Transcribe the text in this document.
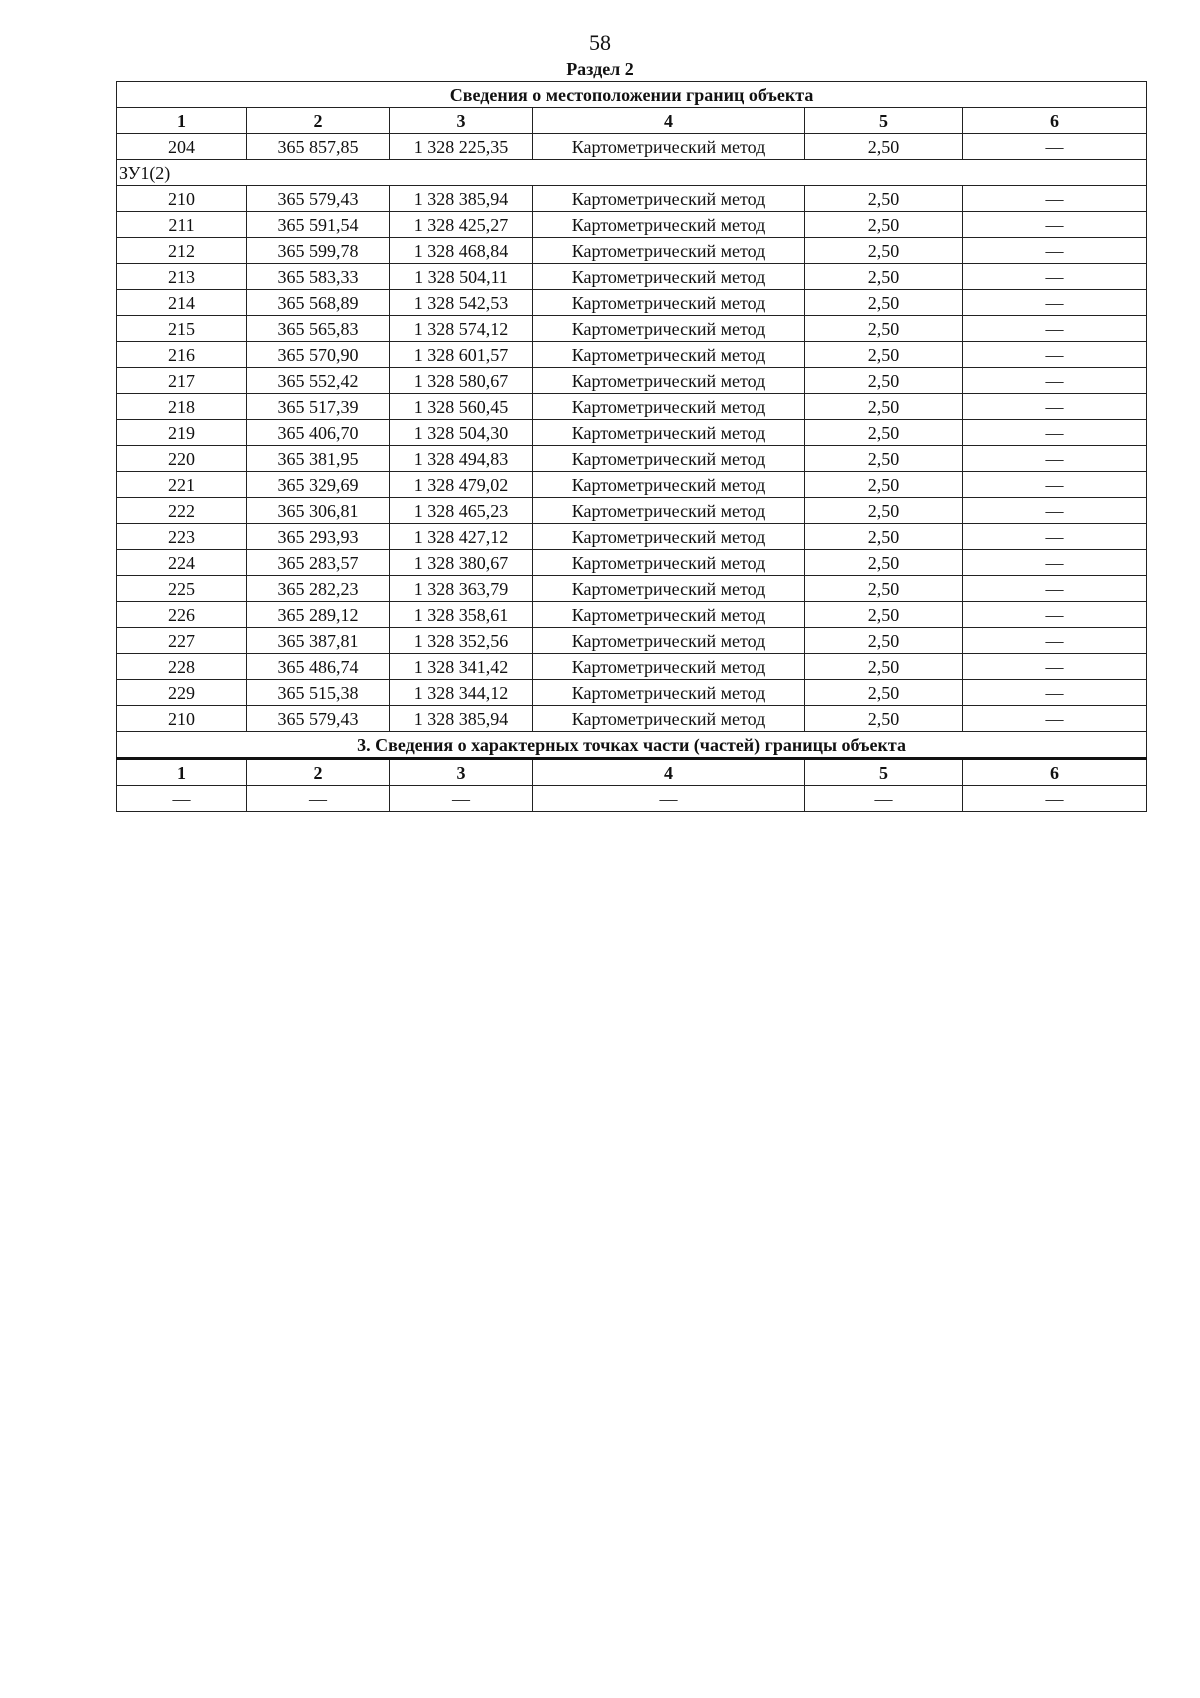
58
Раздел 2
Сведения о местоположении границ объекта					
1	2	3	4	5	6
204	365 857,85	1 328 225,35	Картометрический метод	2,50	—
ЗУ1(2)					
210	365 579,43	1 328 385,94	Картометрический метод	2,50	—
211	365 591,54	1 328 425,27	Картометрический метод	2,50	—
212	365 599,78	1 328 468,84	Картометрический метод	2,50	—
213	365 583,33	1 328 504,11	Картометрический метод	2,50	—
214	365 568,89	1 328 542,53	Картометрический метод	2,50	—
215	365 565,83	1 328 574,12	Картометрический метод	2,50	—
216	365 570,90	1 328 601,57	Картометрический метод	2,50	—
217	365 552,42	1 328 580,67	Картометрический метод	2,50	—
218	365 517,39	1 328 560,45	Картометрический метод	2,50	—
219	365 406,70	1 328 504,30	Картометрический метод	2,50	—
220	365 381,95	1 328 494,83	Картометрический метод	2,50	—
221	365 329,69	1 328 479,02	Картометрический метод	2,50	—
222	365 306,81	1 328 465,23	Картометрический метод	2,50	—
223	365 293,93	1 328 427,12	Картометрический метод	2,50	—
224	365 283,57	1 328 380,67	Картометрический метод	2,50	—
225	365 282,23	1 328 363,79	Картометрический метод	2,50	—
226	365 289,12	1 328 358,61	Картометрический метод	2,50	—
227	365 387,81	1 328 352,56	Картометрический метод	2,50	—
228	365 486,74	1 328 341,42	Картометрический метод	2,50	—
229	365 515,38	1 328 344,12	Картометрический метод	2,50	—
210	365 579,43	1 328 385,94	Картометрический метод	2,50	—
3. Сведения о характерных точках части (частей) границы объекта					
1	2	3	4	5	6
—	—	—	—	—	—
